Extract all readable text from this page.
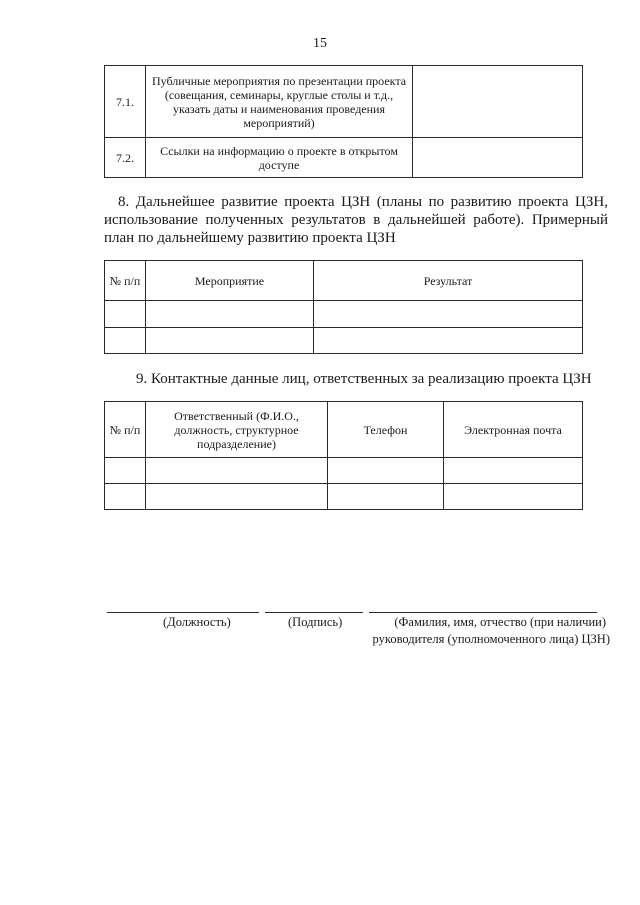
15
7.1.	Публичные мероприятия по презентации проекта (совещания, семинары, круглые столы и т.д., указать даты и наименования проведения мероприятий)	
7.2.	Ссылки на информацию о проекте в открытом доступе	
8. Дальнейшее развитие проекта ЦЗН (планы по развитию проекта ЦЗН,
использование полученных результатов в дальнейшей работе). Примерный
план по дальнейшему развитию проекта ЦЗН
№ п/п	Мероприятие	Результат

9. Контактные данные лиц, ответственных за реализацию проекта ЦЗН
№ п/п	Ответственный (Ф.И.О., должность, структурное подразделение)	Телефон	Электронная почта

(Должность)	(Подпись)	(Фамилия, имя, отчество (при наличии)
руководителя (уполномоченного лица) ЦЗН)
